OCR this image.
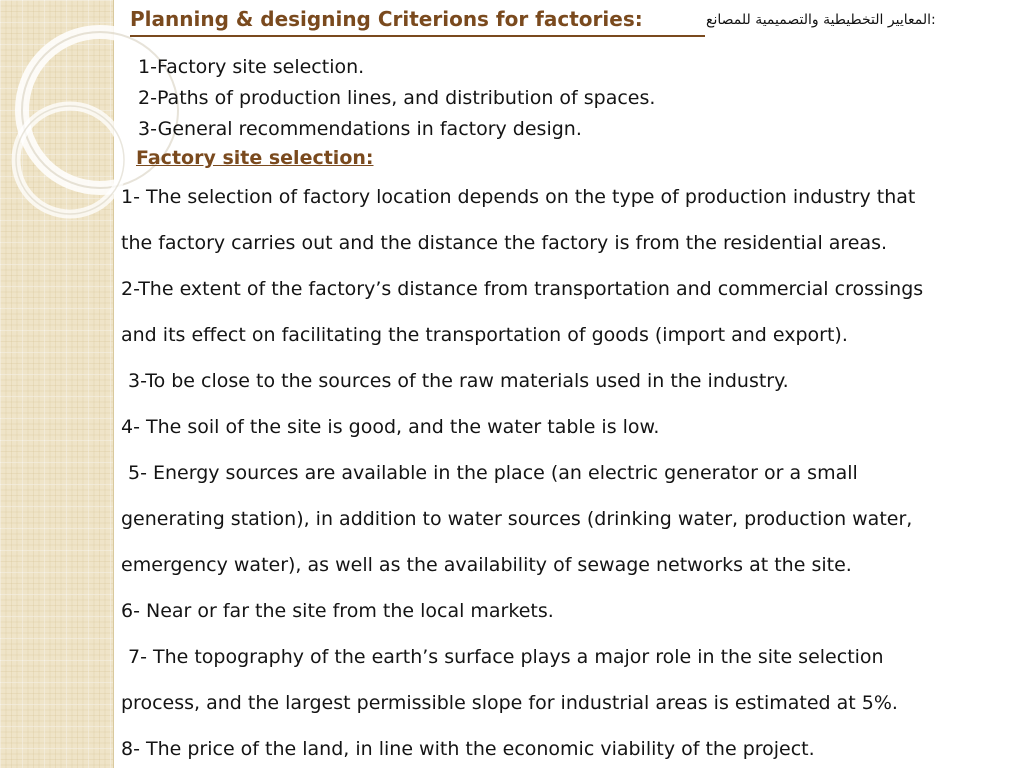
Planning & designing Criterions for factories:	:المعايير التخطيطية والتصميمية للمصانع
1-Factory site selection.
2-Paths of production lines, and distribution of spaces.
3-General recommendations in factory design.
Factory site selection:
1- The selection of factory location depends on the type of production industry that
the factory carries out and the distance the factory is from the residential areas.
2-The extent of the factory’s distance from transportation and commercial crossings
and its effect on facilitating the transportation of goods (import and export).
3-To be close to the sources of the raw materials used in the industry.
4- The soil of the site is good, and the water table is low.
5- Energy sources are available in the place (an electric generator or a small
generating station), in addition to water sources (drinking water, production water,
emergency water), as well as the availability of sewage networks at the site.
6- Near or far the site from the local markets.
7- The topography of the earth’s surface plays a major role in the site selection
process, and the largest permissible slope for industrial areas is estimated at 5%.
8- The price of the land, in line with the economic viability of the project.
